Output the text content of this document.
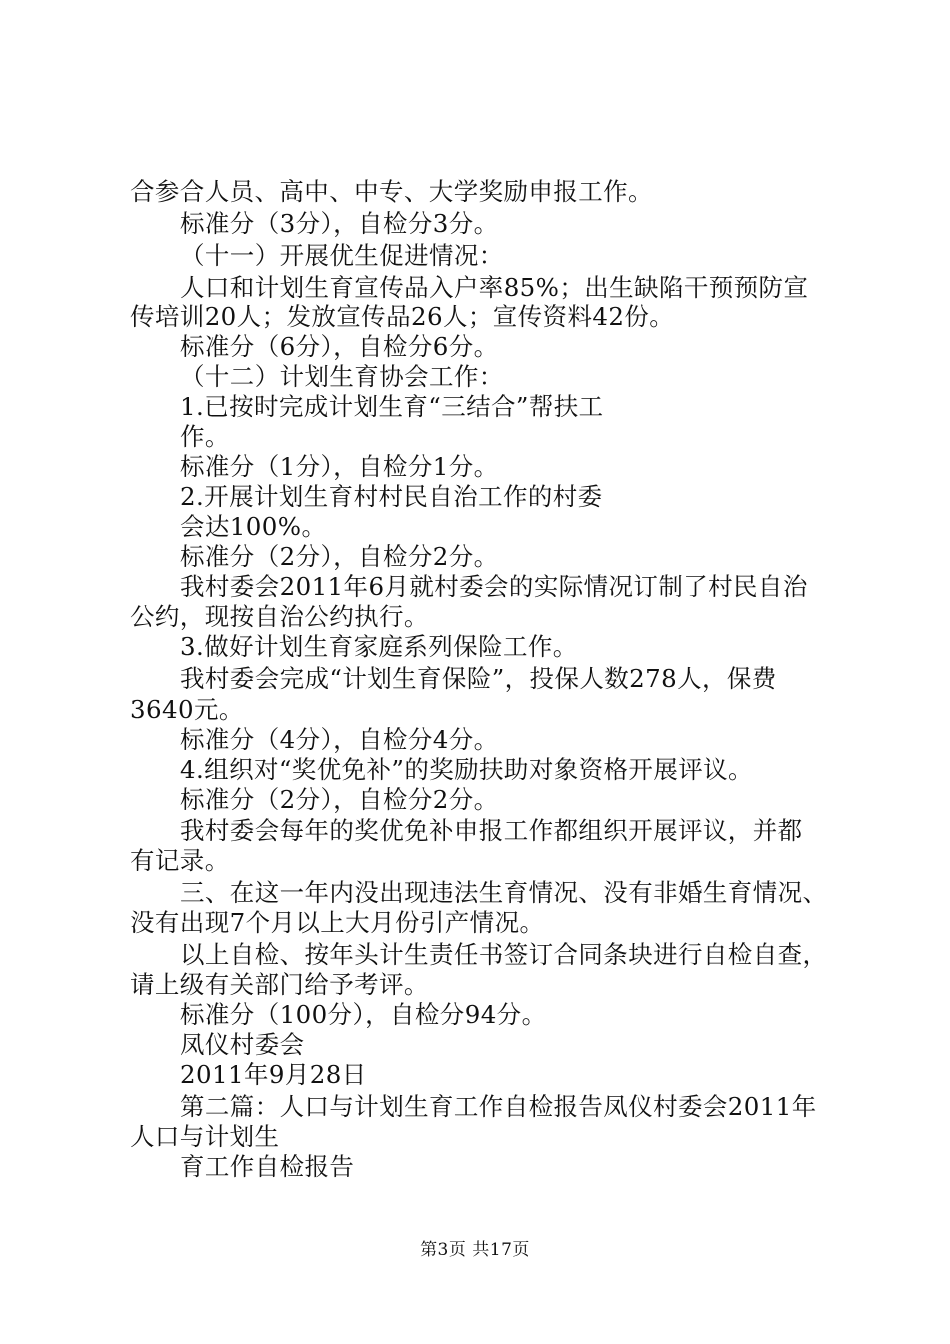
合参合人员、高中、中专、大学奖励申报工作。
标准分（3分），自检分3分。
（十一）开展优生促进情况：
人口和计划生育宣传品入户率85%；出生缺陷干预预防宣
传培训20人；发放宣传品26人；宣传资料42份。
标准分（6分），自检分6分。
（十二）计划生育协会工作：
1.已按时完成计划生育“三结合”帮扶工
作。
标准分（1分），自检分1分。
2.开展计划生育村村民自治工作的村委
会达100%。
标准分（2分），自检分2分。
我村委会2011年6月就村委会的实际情况订制了村民自治
公约，现按自治公约执行。
3.做好计划生育家庭系列保险工作。
我村委会完成“计划生育保险”，投保人数278人，保费
3640元。
标准分（4分），自检分4分。
4.组织对“奖优免补”的奖励扶助对象资格开展评议。
标准分（2分），自检分2分。
我村委会每年的奖优免补申报工作都组织开展评议，并都
有记录。
三、在这一年内没出现违法生育情况、没有非婚生育情况、
没有出现7个月以上大月份引产情况。
以上自检、按年头计生责任书签订合同条块进行自检自查，
请上级有关部门给予考评。
标准分（100分），自检分94分。
凤仪村委会
2011年9月28日
第二篇：人口与计划生育工作自检报告凤仪村委会2011年
人口与计划生
育工作自检报告
第3页 共17页
